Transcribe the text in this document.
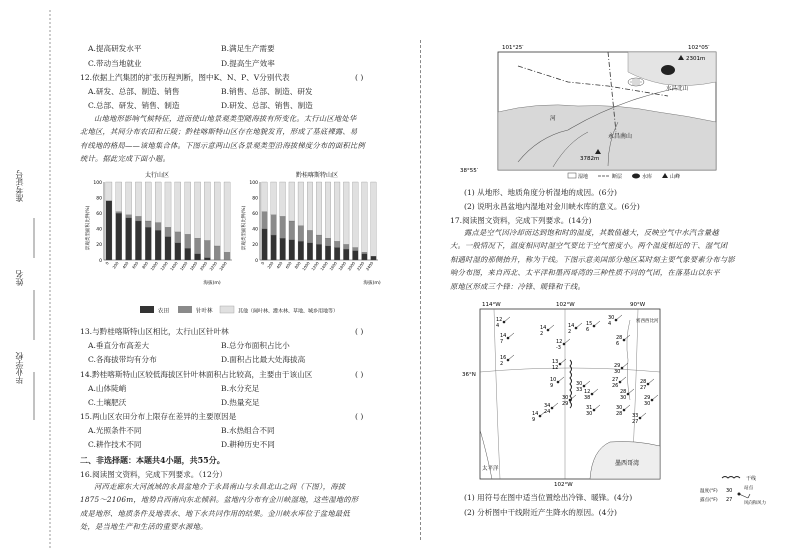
准考证号
姓名
毕业学校
A.提高研发水平	B.满足生产需要
C.带动当地就业	D.提高生产效率
12.依据上汽集团的扩张历程判断，图中K、N、P、V分别代表	( )
A.研发、总部、制造、销售	B.销售、总部、制造、研发
C.总部、研发、销售、制造	D.研发、总部、销售、制造
山地地形影响气候特征，进而使山地景观类型随海拔有所变化。太行山区地处华
北地区，其间分布农田和丘陵；黔桂喀斯特山区存在地貌发育，形成了基底裸露、易
有线地的格局——该地集合体。下图示意两山区各景观类型沿海拔梯度分布的面积比例
统计。据此完成下面小题。
太行山区	黔桂喀斯特山区
景观类型面积比例(%)	景观类型面积比例(%)
海拔(m)	海拔(m)
0
20
40
60
80
100
0 200 400 600 800 1000 1200 1400 1600 1800 2000 2200 2400	0
20
40
60
80
100
0 200 400 600 800 1000 1200 1400 1600 1800 2000 2200 2400
农田	针叶林	其他（阔叶林、灌木林、草地、城乡用地等）
13.与黔桂喀斯特山区相比，太行山区针叶林	( )
A.垂直分布高差大	B.总分布面积占比小
C.各海拔带均有分布	D.面积占比最大处海拔高
14.黔桂喀斯特山区较低海拔区针叶林面积占比较高，主要由于该山区	( )
A.山体陡峭	B.水分充足
C.土壤肥沃	D.热量充足
15.两山区农田分布上限存在差异的主要原因是	( )
A.光照条件不同	B.水热组合不同
C.耕作技术不同	D.耕种历史不同
二、非选择题：本题共4小题，共55分。
16.阅读图文资料，完成下列要求。（12分）
河西走廊东大河流域的永昌盆地介于永昌南山与永昌北山之间（下图），海拔
1875～2106m，地势自西南向东北倾斜。盆地内分布有金川峡湿地，这些湿地的形
成是地形、地质条件及地表水、地下水共同作用的结果。金川峡水库位于盆地最低
处，是当地生产和生活的重要水源地。
101°25′	102°05′
38°55′
2301m
水昌北山
永昌南山
3782m
河
湿地	断层	水库	山峰
(1) 从地形、地质角度分析湿地的成因。(6分)
(2) 说明永昌盆地内湿地对金川峡水库的意义。(6分)
17.阅读图文资料，完成下列要求。(14分)
露点是空气因冷却而达到饱和时的温度，其数值越大，反映空气中水汽含量越
大。一般情况下，温度相同时湿空气要比干空气密度小。两个温度相近的干、湿气团
相遇时湿的那侧抬升，称为干线。下图示意美国部分地区某时刻主要气象要素分布与影
响分布图，来自西北、太平洋和墨西哥湾的三种性质不同的气团，在落基山以东平
原地区形成三个锋：冷锋、暖锋和干线。
114°W	102°W	90°W
36°N
102°W
墨西哥湾
太平洋
密西西比河
12
4
14
7
14
2
12
-3
14
2
15
6
30
4
28
6
16
2	13
12
10
9	30
33 12
38
30
29
34
24
14
9
29
30
27
26
28
30
31
30
30
28 33
27
29
30
28
27
干线
温度(°F)
露点(°F)
30
27
站点
风向和风力
(1) 用符号在图中适当位置绘出冷锋、暖锋。(4分)
(2) 分析图中干线附近产生降水的原因。(4分)
